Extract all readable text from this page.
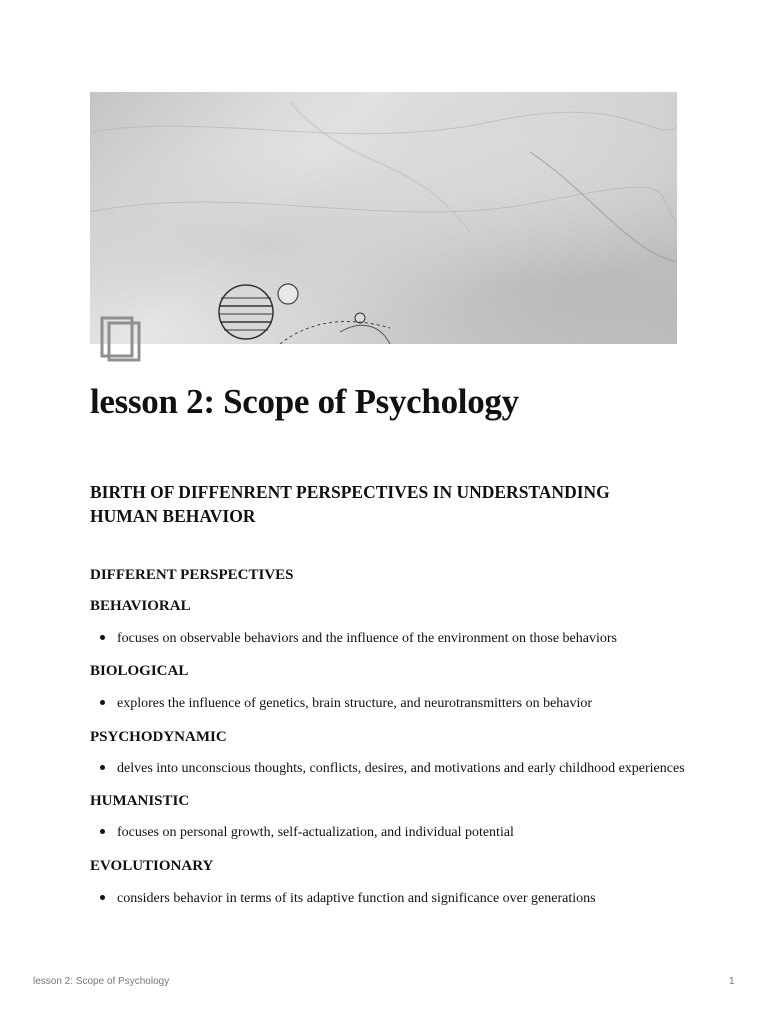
lesson 2: Scope of Psychology
BIRTH OF DIFFENRENT PERSPECTIVES IN UNDERSTANDING HUMAN BEHAVIOR
DIFFERENT PERSPECTIVES
BEHAVIORAL
focuses on observable behaviors and the influence of the environment on those behaviors
BIOLOGICAL
explores the influence of genetics, brain structure, and neurotransmitters on behavior
PSYCHODYNAMIC
delves into unconscious thoughts, conflicts, desires, and motivations and early childhood experiences
HUMANISTIC
focuses on personal growth, self-actualization, and individual potential
EVOLUTIONARY
considers behavior in terms of its adaptive function and significance over generations
lesson 2: Scope of Psychology	1
